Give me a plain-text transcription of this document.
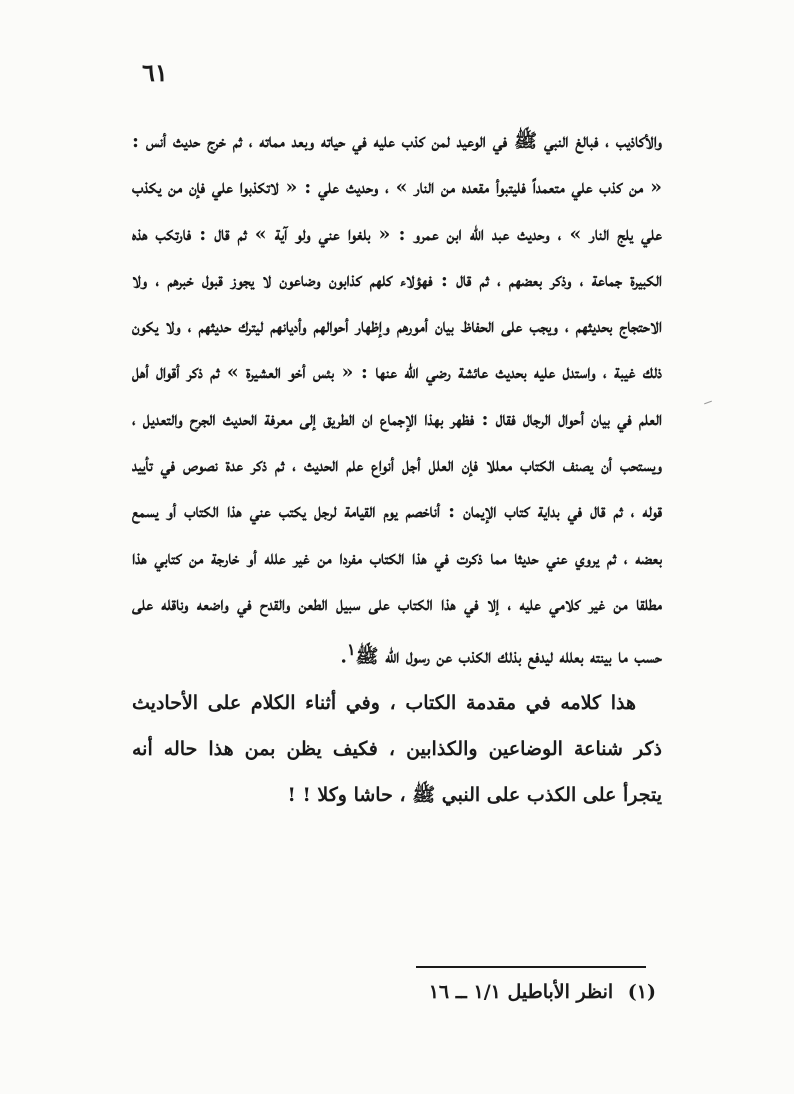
٦١

والأكاذيب ، فبالغ النبي ﷺ في الوعيد لمن كذب عليه في حياته وبعد مماته ، ثم خرج حديث أنس : « من كذب علي متعمداً فليتبوأ مقعده من النار » ، وحديث علي : « لاتكذبوا علي فإن من يكذب علي يلج النار » ، وحديث عبد الله ابن عمرو : « بلغوا عني ولو آية » ثم قال : فارتكب هذه الكبيرة جماعة ، وذكر بعضهم ، ثم قال : فهؤلاء كلهم كذابون وضاعون لا يجوز قبول خبرهم ، ولا الاحتجاج بحديثهم ، ويجب على الحفاظ بيان أمورهم وإظهار أحوالهم وأديانهم ليترك حديثهم ، ولا يكون ذلك غيبة ، واستدل عليه بحديث عائشة رضي الله عنها : « بئس أخو العشيرة » ثم ذكر أقوال أهل العلم في بيان أحوال الرجال فقال : فظهر بهذا الإجماع ان الطريق إلى معرفة الحديث الجرح والتعديل ، ويستحب أن يصنف الكتاب معللا فإن العلل أجل أنواع علم الحديث ، ثم ذكر عدة نصوص في تأييد قوله ، ثم قال في بداية كتاب الإيمان : أناخصم يوم القيامة لرجل يكتب عني هذا الكتاب أو يسمع بعضه ، ثم يروي عني حديثا مما ذكرت في هذا الكتاب مفردا من غير علله أو خارجة من كتابي هذا مطلقا من غير كلامي عليه ، إلا في هذا الكتاب على سبيل الطعن والقدح في واضعه وناقله على حسب ما بينته بعلله ليدفع بذلك الكذب عن رسول الله ﷺ$^١$.

هذا كلامه في مقدمة الكتاب ، وفي أثناء الكلام على الأحاديث ذكر شناعة الوضاعين والكذابين ، فكيف يظن بمن هذا حاله أنه يتجرأ على الكذب على النبي ﷺ ، حاشا وكلا ! !

(١) انظر الأباطيل ١/١ ــ ١٦
